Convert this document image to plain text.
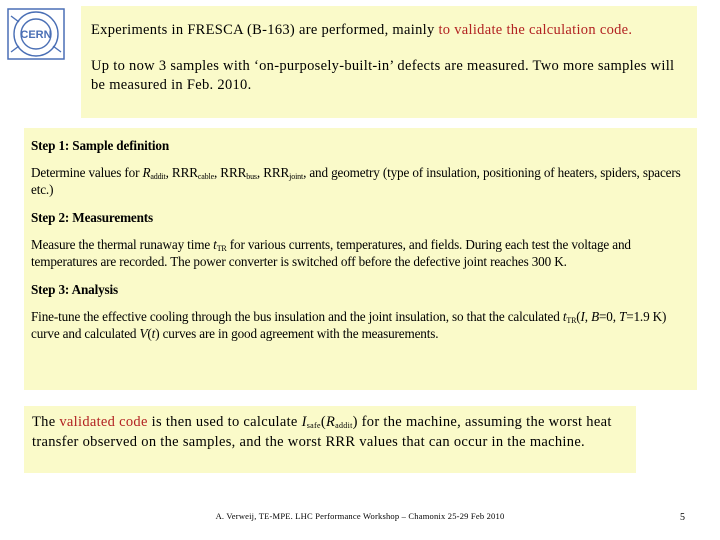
CERN	Experiments in FRESCA (B-163) are performed, mainly to validate the calculation code.

Up to now 3 samples with ‘on-purposely-built-in’ defects are measured. Two more samples will be measured in Feb. 2010.

Step 1: Sample definition

Determine values for $R_{addit}$, $RRR_{cable}$, $RRR_{bus}$, $RRR_{joint}$, and geometry (type of insulation, positioning of heaters, spiders, spacers etc.)

Step 2: Measurements

Measure the thermal runaway time $t_{TR}$ for various currents, temperatures, and fields. During each test the voltage and temperatures are recorded. The power converter is switched off before the defective joint reaches 300 K.

Step 3: Analysis

Fine-tune the effective cooling through the bus insulation and the joint insulation, so that the calculated $t_{TR}(I$, B=0, T=1.9 K) curve and calculated V(t) curves are in good agreement with the measurements.

The validated code is then used to calculate $I_{safe}(R_{addit})$ for the machine, assuming the worst heat transfer observed on the samples, and the worst RRR values that can occur in the machine.
A. Verweij, TE-MPE. LHC Performance Workshop – Chamonix 25-29 Feb 2010	5
